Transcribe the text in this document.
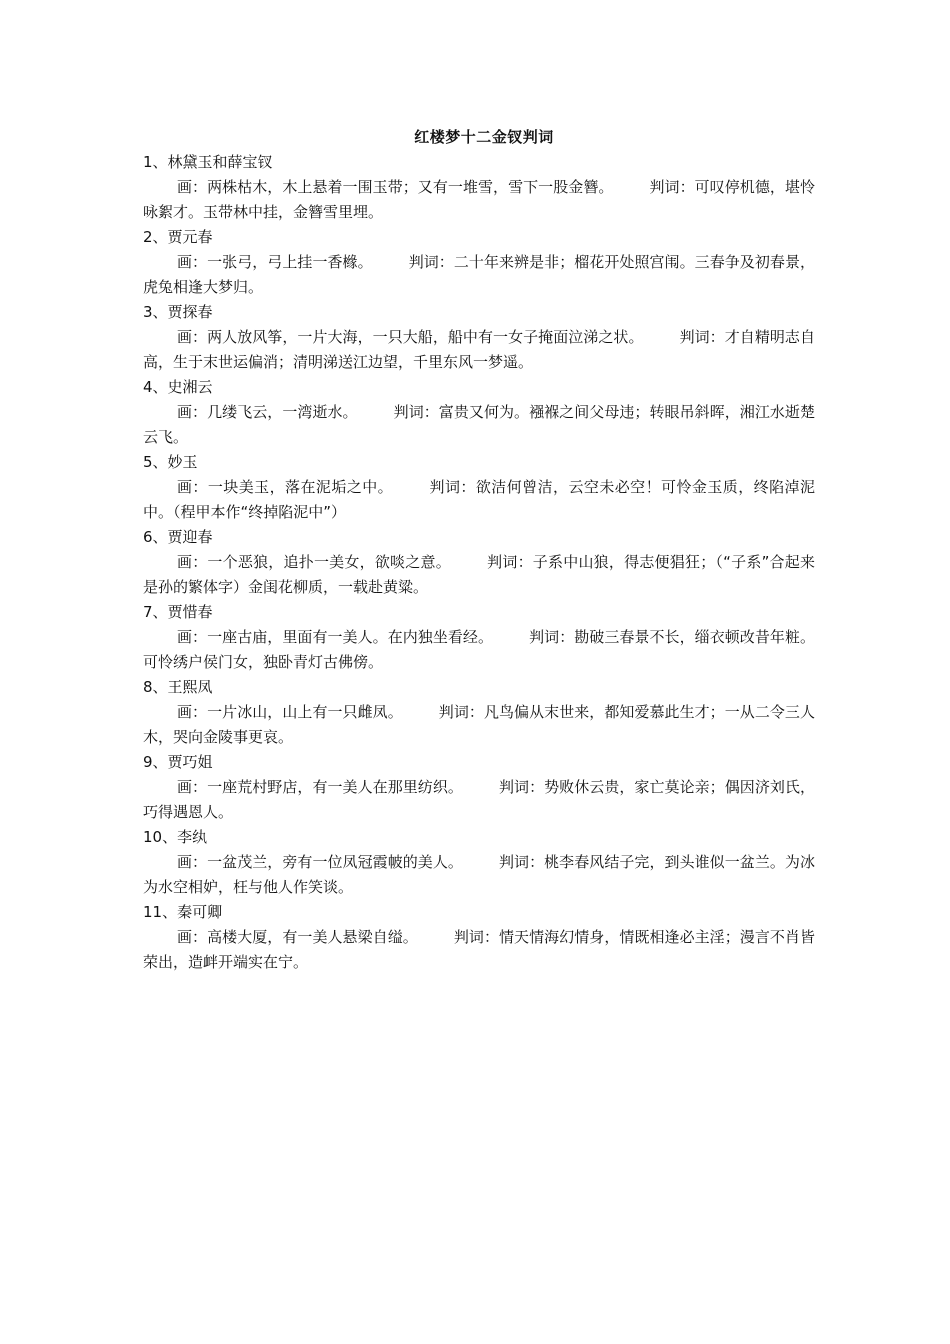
红楼梦十二金钗判词
1、林黛玉和薛宝钗
画：两株枯木，木上悬着一围玉带；又有一堆雪，雪下一股金簪。 判词：可叹停机德，堪怜咏絮才。玉带林中挂，金簪雪里埋。
2、贾元春
画：一张弓，弓上挂一香橼。 判词：二十年来辨是非；榴花开处照宫闱。三春争及初春景，虎兔相逢大梦归。
3、贾探春
画：两人放风筝，一片大海，一只大船，船中有一女子掩面泣涕之状。 判词：才自精明志自高，生于末世运偏消；清明涕送江边望，千里东风一梦遥。
4、史湘云
画：几缕飞云，一湾逝水。 判词：富贵又何为。襁褓之间父母违；转眼吊斜晖，湘江水逝楚云飞。
5、妙玉
画：一块美玉，落在泥垢之中。 判词：欲洁何曾洁，云空未必空！可怜金玉质，终陷淖泥中。（程甲本作“终掉陷泥中”）
6、贾迎春
画：一个恶狼，追扑一美女，欲啖之意。 判词：子系中山狼，得志便猖狂；（“子系”合起来是孙的繁体字）金闺花柳质，一载赴黄粱。
7、贾惜春
画：一座古庙，里面有一美人。在内独坐看经。 判词：勘破三春景不长，缁衣顿改昔年粧。可怜绣户侯门女，独卧青灯古佛傍。
8、王熙凤
画：一片冰山，山上有一只雌凤。 判词：凡鸟偏从末世来，都知爱慕此生才；一从二令三人木，哭向金陵事更哀。
9、贾巧姐
画：一座荒村野店，有一美人在那里纺织。 判词：势败休云贵，家亡莫论亲；偶因济刘氏，巧得遇恩人。
10、李纨
画：一盆茂兰，旁有一位凤冠霞帔的美人。 判词：桃李春风结子完，到头谁似一盆兰。为冰为水空相妒，枉与他人作笑谈。
11、秦可卿
画：高楼大厦，有一美人悬梁自缢。 判词：情天情海幻情身，情既相逢必主淫；漫言不肖皆荣出，造衅开端实在宁。
